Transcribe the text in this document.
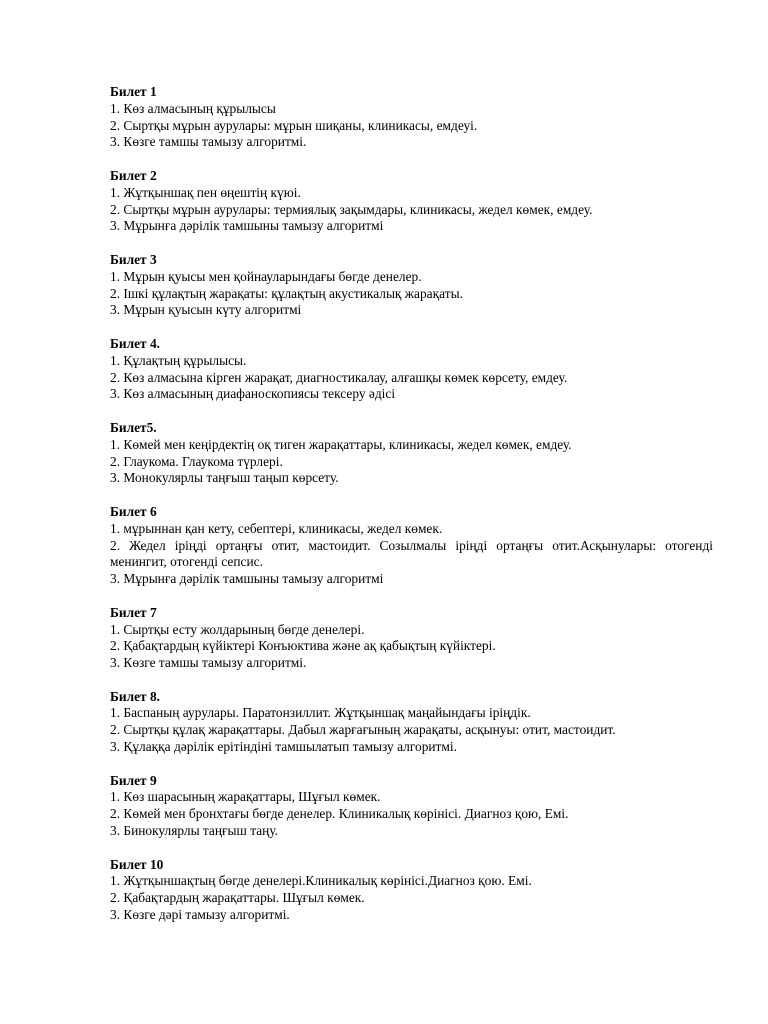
Билет 1
1. Көз алмасының құрылысы
2. Сыртқы мұрын аурулары: мұрын шиқаны, клиникасы, емдеуі.
3. Көзге тамшы тамызу алгоритмі.
Билет 2
1. Жұтқыншақ пен өңештің күюі.
2. Сыртқы мұрын аурулары: термиялық зақымдары, клиникасы, жедел көмек, емдеу.
3. Мұрынға дәрілік тамшыны тамызу алгоритмі
Билет 3
1. Мұрын қуысы мен қойнауларындағы бөгде денелер.
2. Ішкі құлақтың жарақаты: құлақтың акустикалық жарақаты.
3. Мұрын қуысын күту алгоритмі
Билет 4.
1. Құлақтың құрылысы.
2. Көз алмасына кірген жарақат, диагностикалау, алғашқы көмек көрсету, емдеу.
3. Көз алмасының диафаноскопиясы тексеру әдісі
Билет5.
1. Көмей мен кеңірдектің оқ тиген жарақаттары, клиникасы, жедел көмек, емдеу.
2. Глаукома. Глаукома түрлері.
3. Монокулярлы таңғыш таңып көрсету.
Билет 6
1. мұрыннан қан кету, себептері, клиникасы, жедел көмек.
2. Жедел іріңді ортаңғы отит, мастоидит. Созылмалы іріңді ортаңғы отит.Асқынулары: отогенді менингит, отогенді сепсис.
3. Мұрынға дәрілік тамшыны тамызу алгоритмі
Билет 7
1. Сыртқы есту жолдарының бөгде денелері.
2. Қабақтардың күйіктері Конъюктива және ақ қабықтың күйіктері.
3. Көзге тамшы тамызу алгоритмі.
Билет 8.
1. Баспаның аурулары. Паратонзиллит. Жұтқыншақ маңайындағы іріңдік.
2. Сыртқы құлақ жарақаттары. Дабыл жарғағының жарақаты, асқынуы: отит, мастоидит.
3. Құлаққа дәрілік ерітіндіні тамшылатып тамызу алгоритмі.
Билет 9
1. Көз шарасының жарақаттары, Шұғыл көмек.
2. Көмей мен бронхтағы бөгде денелер. Клиникалық көрінісі. Диагноз қою, Емі.
3. Бинокулярлы таңғыш таңу.
Билет 10
1. Жұтқыншақтың бөгде денелері.Клиникалық көрінісі.Диагноз қою. Емі.
2. Қабақтардың жарақаттары. Шұғыл көмек.
3. Көзге дәрі тамызу алгоритмі.
